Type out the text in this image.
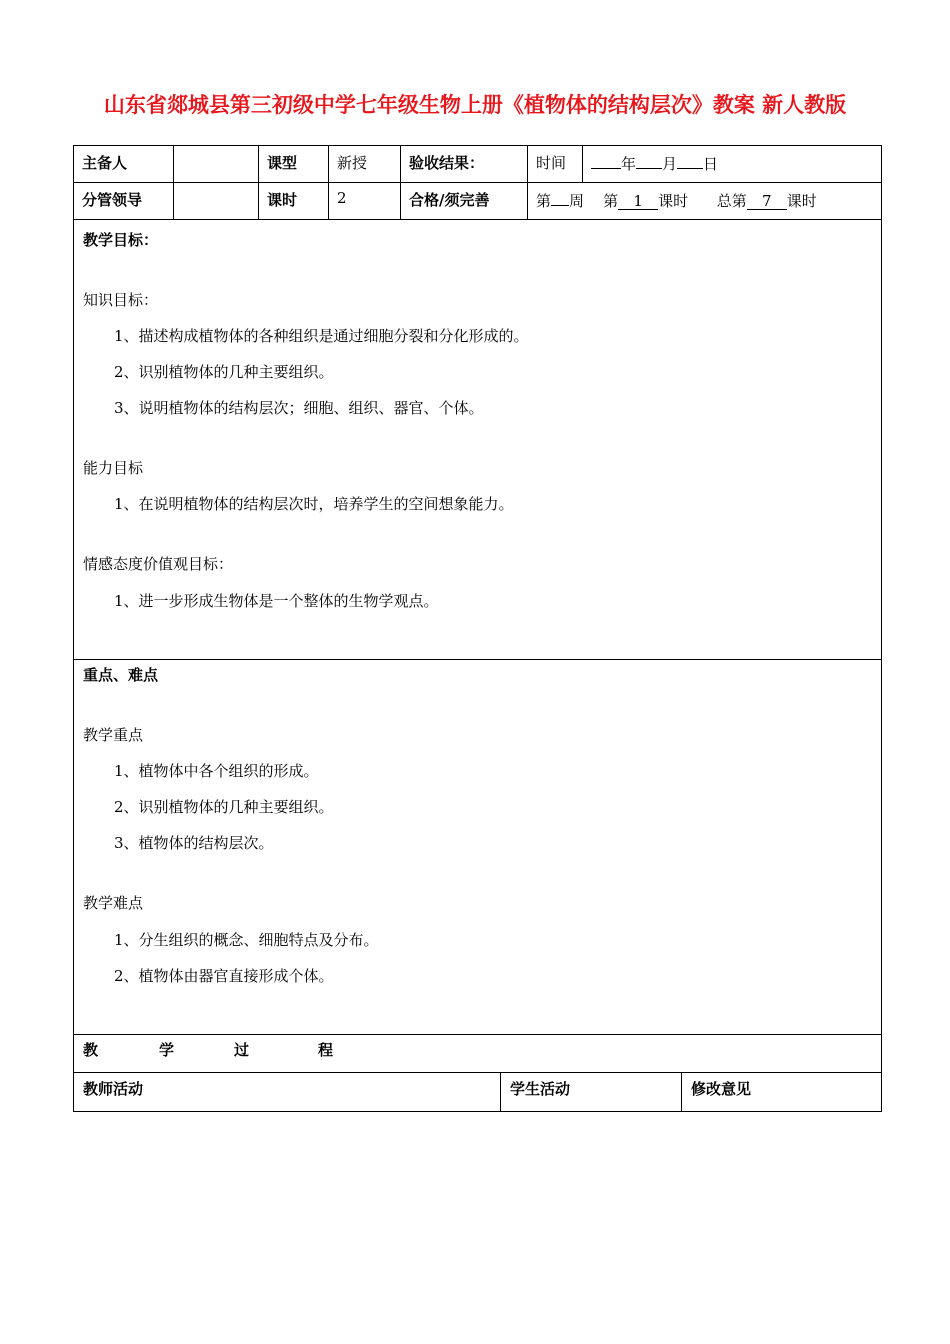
山东省郯城县第三初级中学七年级生物上册《植物体的结构层次》教案 新人教版
主备人		课型	新授	验收结果：	时间	年 月 日
分管领导		课时	2	合格/须完善	第 周 第 1 课时 总第 7 课时	
教学目标：
知识目标：
1、描述构成植物体的各种组织是通过细胞分裂和分化形成的。
2、识别植物体的几种主要组织。
3、说明植物体的结构层次；细胞、组织、器官、个体。
能力目标
1、在说明植物体的结构层次时，培养学生的空间想象能力。
情感态度价值观目标：
1、进一步形成生物体是一个整体的生物学观点。
重点、难点
教学重点
1、植物体中各个组织的形成。
2、识别植物体的几种主要组织。
3、植物体的结构层次。
教学难点
1、分生组织的概念、细胞特点及分布。
2、植物体由器官直接形成个体。
教	学	过	程
教师活动	学生活动	修改意见
